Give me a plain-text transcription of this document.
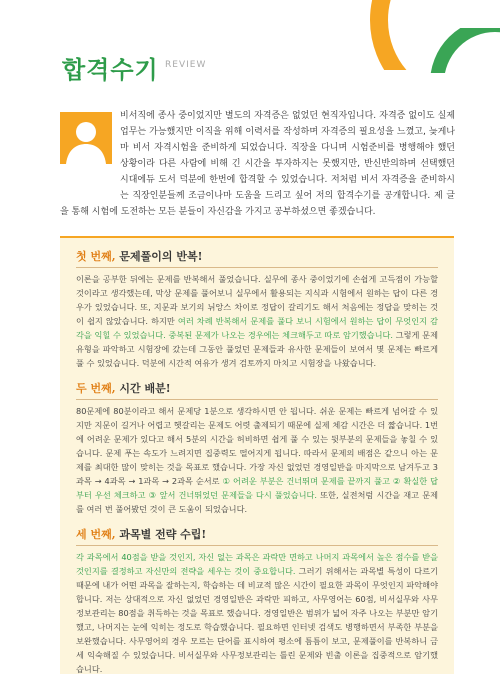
합격수기 REVIEW
비서직에 종사 중이었지만 별도의 자격증은 없었던 현직자입니다. 자격증 없이도 실제 업무는 가능했지만 이직을 위해 이력서를 작성하며 자격증의 필요성을 느꼈고, 늦게나마 비서 자격시험을 준비하게 되었습니다. 직장을 다니며 시험준비를 병행해야 했던 상황이라 다른 사람에 비해 긴 시간을 투자하지는 못했지만, 반신반의하며 선택했던 시대에듀 도서 덕분에 한번에 합격할 수 있었습니다. 저처럼 비서 자격증을 준비하시는 직장인분들께 조금이나마 도움을 드리고 싶어 저의 합격수기를 공개합니다. 제 글을 통해 시험에 도전하는 모든 분들이 자신감을 가지고 공부하셨으면 좋겠습니다.
첫 번째, 문제풀이의 반복!

이론을 공부한 뒤에는 문제를 반복해서 풀었습니다. 실무에 종사 중이었기에 손쉽게 고득점이 가능할 것이라고 생각했는데, 막상 문제를 풀어보니 실무에서 활용되는 지식과 시험에서 원하는 답이 다른 경우가 있었습니다. 또, 지문과 보기의 뉘앙스 차이로 정답이 갈리기도 해서 처음에는 정답을 맞히는 것이 쉽지 않았습니다. 하지만 여러 차례 반복해서 문제를 풀다 보니 시험에서 원하는 답이 무엇인지 감각을 익힐 수 있었습니다. 중복된 문제가 나오는 경우에는 체크해두고 따로 암기했습니다. 그렇게 문제유형을 파악하고 시험장에 갔는데 그동안 풀었던 문제들과 유사한 문제들이 보여서 몇 문제는 빠르게 풀 수 있었습니다. 덕분에 시간적 여유가 생겨 검토까지 마치고 시험장을 나왔습니다.

두 번째, 시간 배분!

80문제에 80분이라고 해서 문제당 1분으로 생각하시면 안 됩니다. 쉬운 문제는 빠르게 넘어갈 수 있지만 지문이 길거나 어렵고 헷갈리는 문제도 어렷 출제되기 때문에 실제 체감 시간은 더 짧습니다. 1번에 어려운 문제가 있다고 해서 5분의 시간을 허비하면 쉽게 풀 수 있는 뒷부분의 문제들을 놓칠 수 있습니다. 문제 푸는 속도가 느려지면 집중력도 떨어지게 됩니다. 따라서 문제의 배점은 같으니 아는 문제를 최대한 많이 맞히는 것을 목표로 했습니다. 가장 자신 없었던 경영일반을 마지막으로 남겨두고 3과목 → 4과목 → 1과목 → 2과목 순서로 ① 어려운 부분은 건너뛰며 문제를 끝까지 풀고 ② 확실한 답부터 우선 체크하고 ③ 앞서 건너뛰었던 문제들을 다시 풀었습니다. 또한, 실전처럼 시간을 재고 문제를 여러 번 풀어봤던 것이 큰 도움이 되었습니다.

세 번째, 과목별 전략 수립!

각 과목에서 40점을 받을 것인지, 자신 없는 과목은 과락만 면하고 나머지 과목에서 높은 점수를 받을 것인지를 결정하고 자신만의 전략을 세우는 것이 중요합니다. 그러기 위해서는 과목별 특성이 다르기 때문에 내가 어떤 과목을 잘하는지, 학습하는 데 비교적 많은 시간이 필요한 과목이 무엇인지 파악해야 합니다. 저는 상대적으로 자신 없었던 경영일반은 과락만 피하고, 사무영어는 60점, 비서실무와 사무정보관리는 80점을 취득하는 것을 목표로 했습니다. 경영일반은 범위가 넓어 자주 나오는 부분만 암기했고, 나머지는 눈에 익히는 정도로 학습했습니다. 필요하면 인터넷 검색도 병행하면서 부족한 부분을 보완했습니다. 사무영어의 경우 모르는 단어를 표시하여 평소에 틈틈이 보고, 문제풀이를 반복하니 금세 익숙해질 수 있었습니다. 비서실무와 사무정보관리는 틀린 문제와 빈출 이론을 집중적으로 암기했습니다.
